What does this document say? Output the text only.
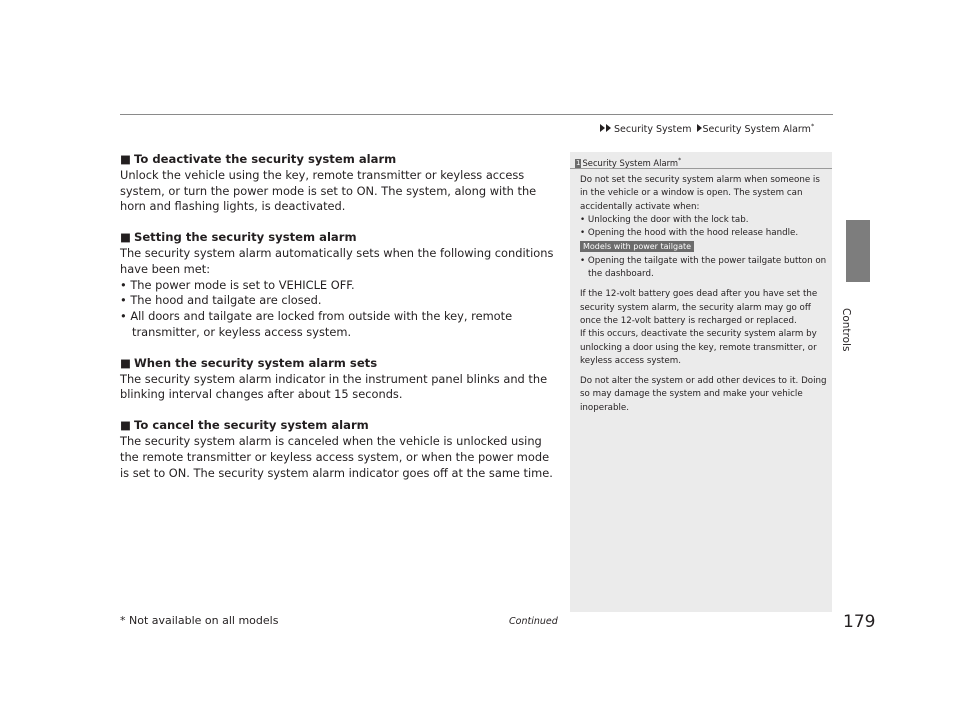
Security System Security System Alarm*
Controls
■ To deactivate the security system alarm

Unlock the vehicle using the key, remote transmitter or keyless access system, or turn the power mode is set to ON. The system, along with the horn and flashing lights, is deactivated.

■ Setting the security system alarm

The security system alarm automatically sets when the following conditions have been met:

• The power mode is set to VEHICLE OFF.

• The hood and tailgate are closed.

• All doors and tailgate are locked from outside with the key, remote transmitter, or keyless access system.

■ When the security system alarm sets

The security system alarm indicator in the instrument panel blinks and the blinking interval changes after about 15 seconds.

■ To cancel the security system alarm

The security system alarm is canceled when the vehicle is unlocked using the remote transmitter or keyless access system, or when the power mode is set to ON. The security system alarm indicator goes off at the same time.

1 Security System Alarm*

Do not set the security system alarm when someone is in the vehicle or a window is open. The system can accidentally activate when:

• Unlocking the door with the lock tab.

• Opening the hood with the hood release handle.

Models with power tailgate

• Opening the tailgate with the power tailgate button on the dashboard.

If the 12-volt battery goes dead after you have set the security system alarm, the security alarm may go off once the 12-volt battery is recharged or replaced.

If this occurs, deactivate the security system alarm by unlocking a door using the key, remote transmitter, or keyless access system.

Do not alter the system or add other devices to it. Doing so may damage the system and make your vehicle inoperable.

* Not available on all models	Continued	179
